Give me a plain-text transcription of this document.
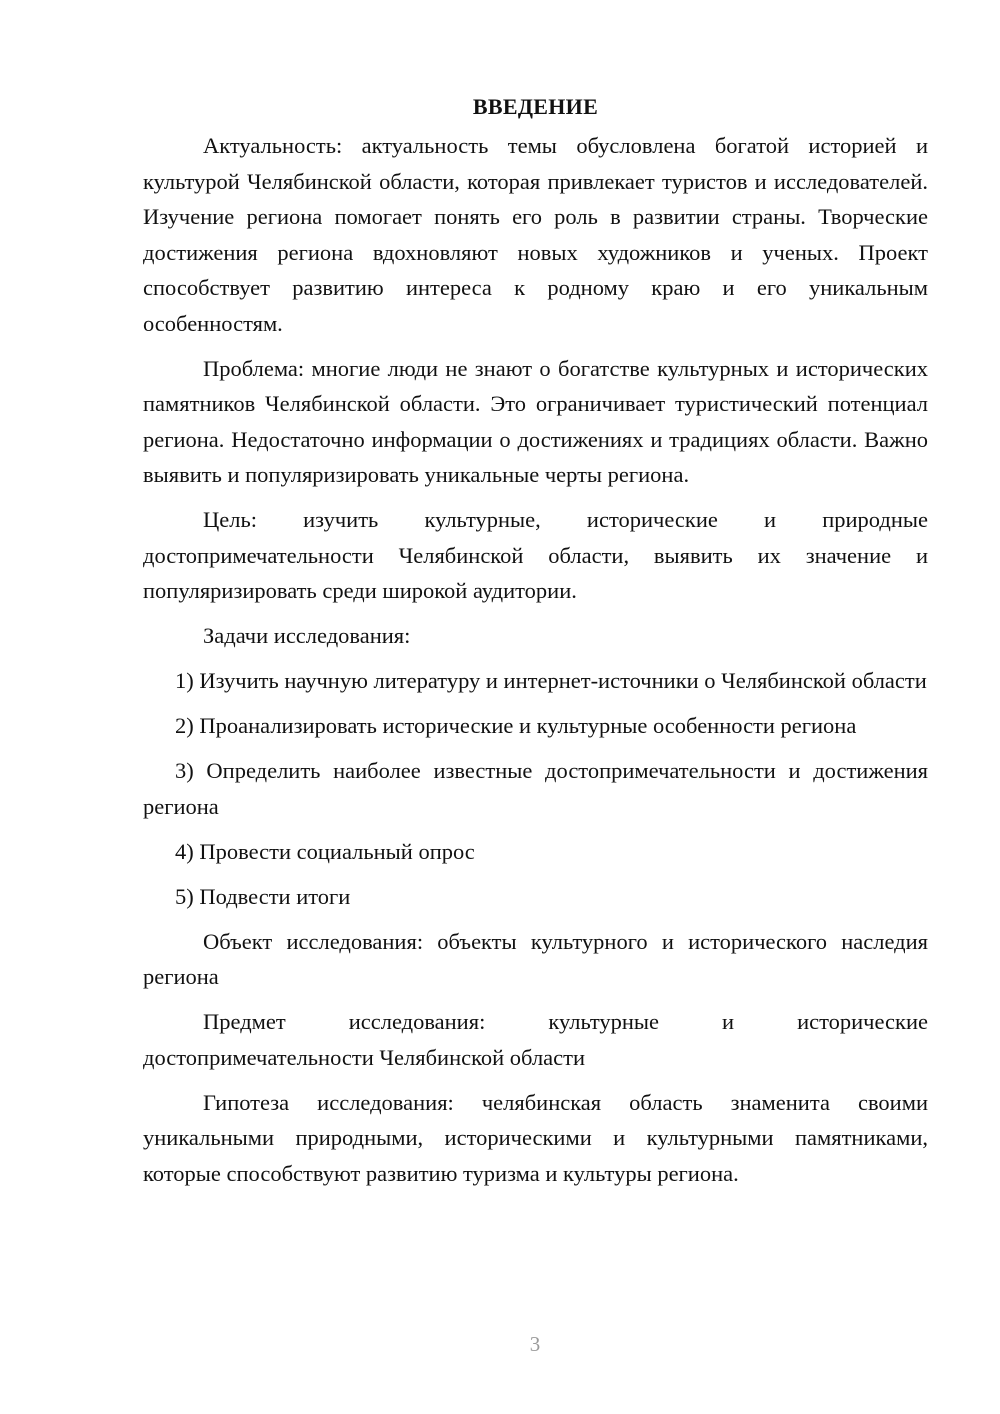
ВВЕДЕНИЕ

Актуальность: актуальность темы обусловлена богатой историей и культурой Челябинской области, которая привлекает туристов и исследователей. Изучение региона помогает понять его роль в развитии страны. Творческие достижения региона вдохновляют новых художников и ученых. Проект способствует развитию интереса к родному краю и его уникальным особенностям.

Проблема: многие люди не знают о богатстве культурных и исторических памятников Челябинской области. Это ограничивает туристический потенциал региона. Недостаточно информации о достижениях и традициях области. Важно выявить и популяризировать уникальные черты региона.

Цель: изучить культурные, исторические и природные достопримечательности Челябинской области, выявить их значение и популяризировать среди широкой аудитории.

Задачи исследования:

1) Изучить научную литературу и интернет-источники о Челябинской области

2) Проанализировать исторические и культурные особенности региона

3) Определить наиболее известные достопримечательности и достижения региона

4) Провести социальный опрос

5) Подвести итоги

Объект исследования: объекты культурного и исторического наследия региона

Предмет исследования: культурные и исторические достопримечательности Челябинской области

Гипотеза исследования: челябинская область знаменита своими уникальными природными, историческими и культурными памятниками, которые способствуют развитию туризма и культуры региона.

3
